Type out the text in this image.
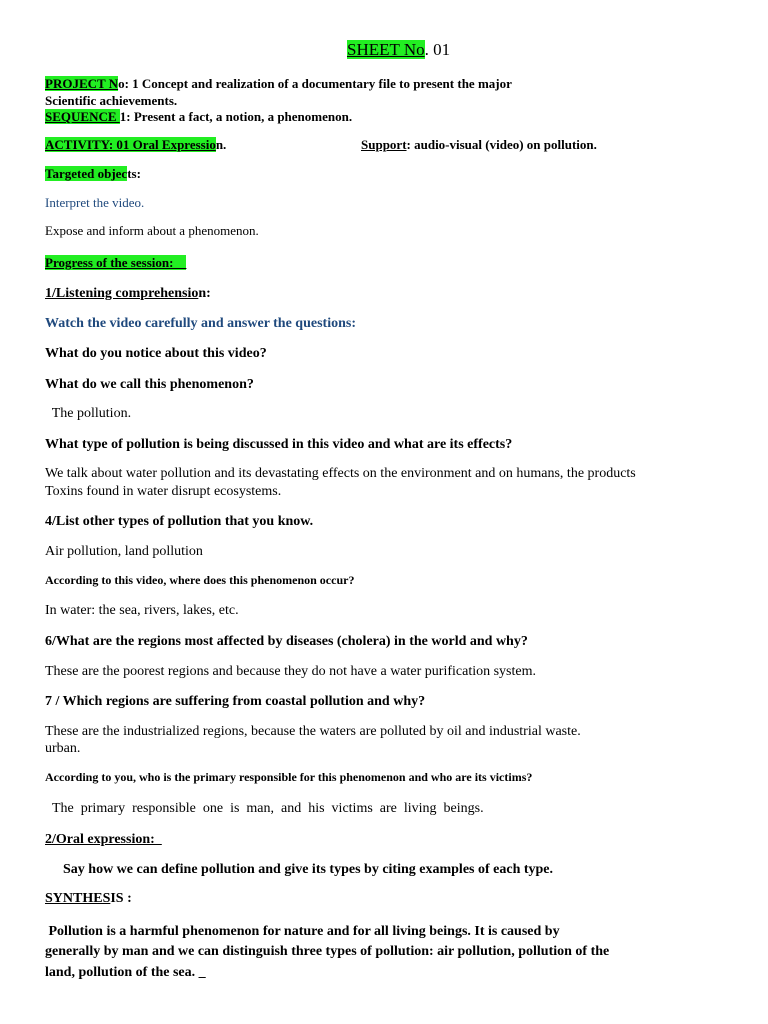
SHEET No. 01
PROJECT No: 1 Concept and realization of a documentary file to present the major
Scientific achievements.
SEQUENCE 1: Present a fact, a notion, a phenomenon.
ACTIVITY: 01 Oral Expression.	Support: audio-visual (video) on pollution.
Targeted objects:
Interpret the video.
Expose and inform about a phenomenon.
Progress of the session:
1/Listening comprehension:
Watch the video carefully and answer the questions:
What do you notice about this video?
What do we call this phenomenon?
The pollution.
What type of pollution is being discussed in this video and what are its effects?
We talk about water pollution and its devastating effects on the environment and on humans, the products
Toxins found in water disrupt ecosystems.
4/List other types of pollution that you know.
Air pollution, land pollution
According to this video, where does this phenomenon occur?
In water: the sea, rivers, lakes, etc.
6/What are the regions most affected by diseases (cholera) in the world and why?
These are the poorest regions and because they do not have a water purification system.
7 / Which regions are suffering from coastal pollution and why?
These are the industrialized regions, because the waters are polluted by oil and industrial waste.
urban.
According to you, who is the primary responsible for this phenomenon and who are its victims?
The  primary  responsible  one  is  man,  and  his  victims  are  living  beings.
2/Oral expression:
Say how we can define pollution and give its types by citing examples of each type.
SYNTHESIS :
Pollution is a harmful phenomenon for nature and for all living beings. It is caused by
generally by man and we can distinguish three types of pollution: air pollution, pollution of the
land, pollution of the sea. _
